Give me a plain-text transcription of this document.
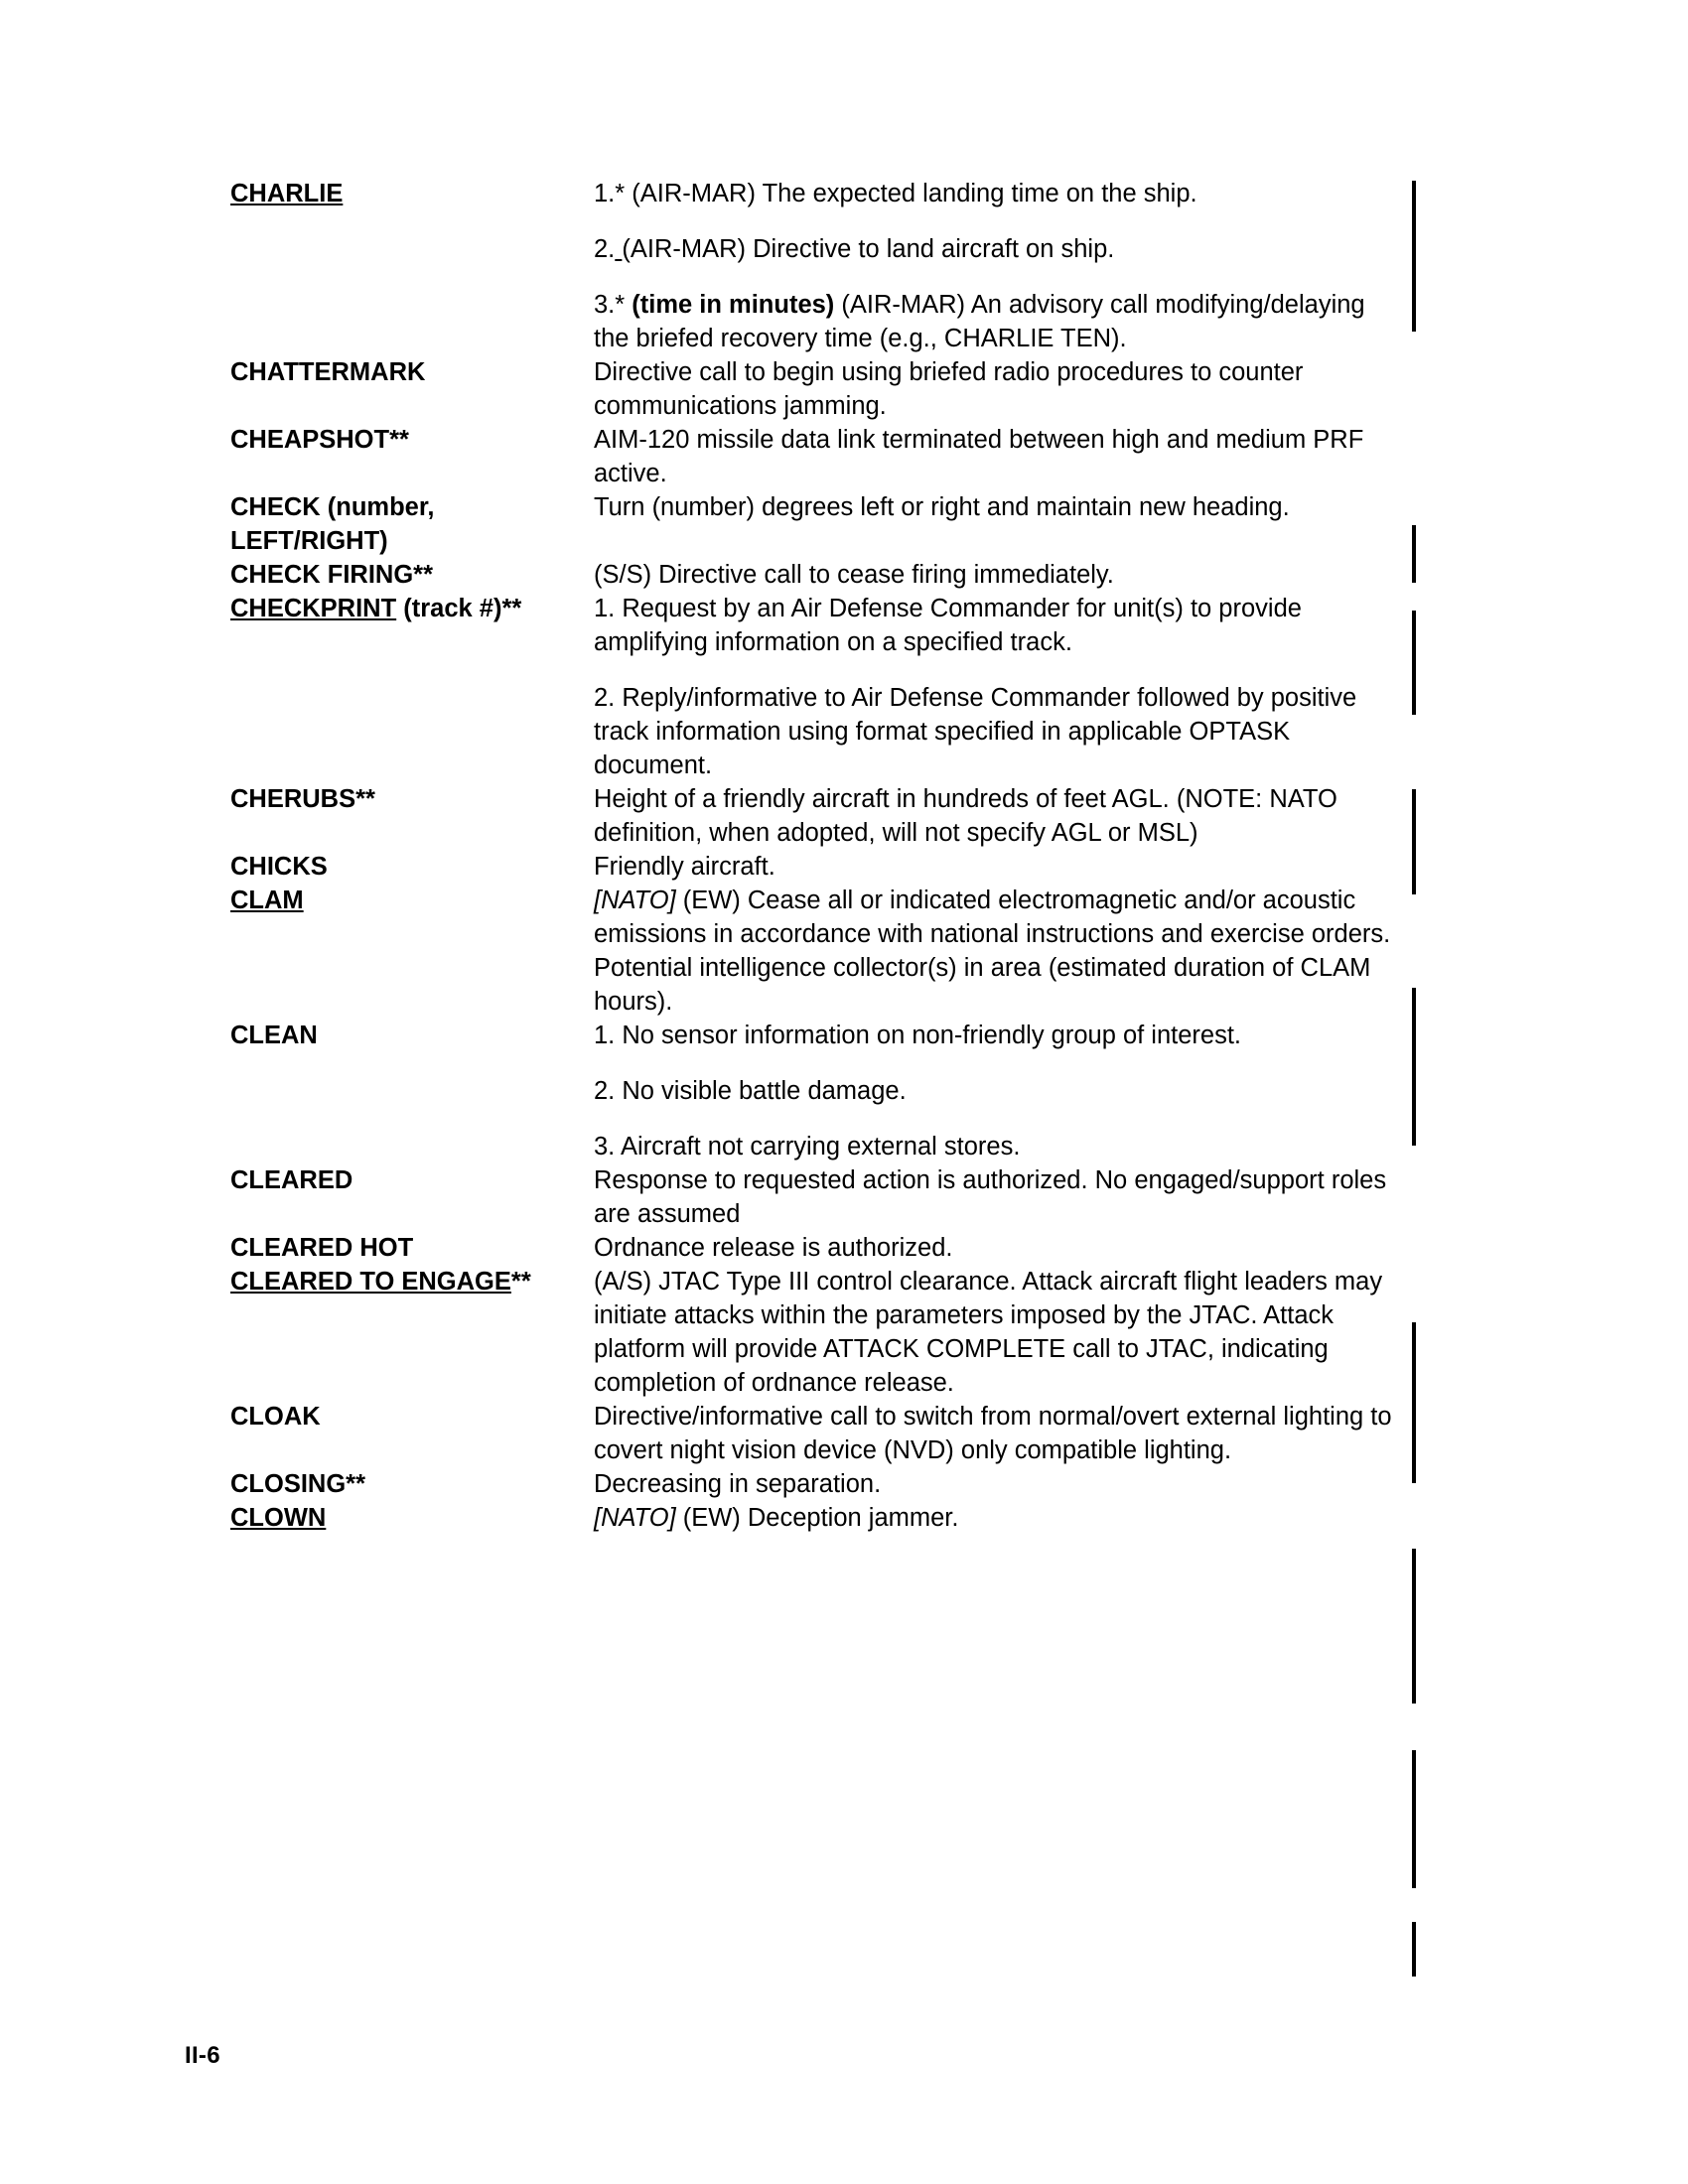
CHARLIE	1.* (AIR-MAR) The expected landing time on the ship.

2. (AIR-MAR) Directive to land aircraft on ship.

3.* (time in minutes) (AIR-MAR) An advisory call modifying/delaying the briefed recovery time (e.g., CHARLIE TEN).

CHATTERMARK	Directive call to begin using briefed radio procedures to counter communications jamming.

CHEAPSHOT**	AIM-120 missile data link terminated between high and medium PRF active.

CHECK (number, LEFT/RIGHT)	Turn (number) degrees left or right and maintain new heading.

CHECK FIRING**	(S/S) Directive call to cease firing immediately.

CHECKPRINT (track #)**	1. Request by an Air Defense Commander for unit(s) to provide amplifying information on a specified track.

2. Reply/informative to Air Defense Commander followed by positive track information using format specified in applicable OPTASK document.

CHERUBS**	Height of a friendly aircraft in hundreds of feet AGL. (NOTE: NATO definition, when adopted, will not specify AGL or MSL)

CHICKS	Friendly aircraft.

CLAM	[NATO] (EW) Cease all or indicated electromagnetic and/or acoustic emissions in accordance with national instructions and exercise orders. Potential intelligence collector(s) in area (estimated duration of CLAM hours).

CLEAN	1. No sensor information on non-friendly group of interest.

2. No visible battle damage.

3. Aircraft not carrying external stores.

CLEARED	Response to requested action is authorized. No engaged/support roles are assumed

CLEARED HOT	Ordnance release is authorized.

CLEARED TO ENGAGE**	(A/S) JTAC Type III control clearance. Attack aircraft flight leaders may initiate attacks within the parameters imposed by the JTAC. Attack platform will provide ATTACK COMPLETE call to JTAC, indicating completion of ordnance release.

CLOAK	Directive/informative call to switch from normal/overt external lighting to covert night vision device (NVD) only compatible lighting.

CLOSING**	Decreasing in separation.

CLOWN	[NATO] (EW) Deception jammer.

II-6
